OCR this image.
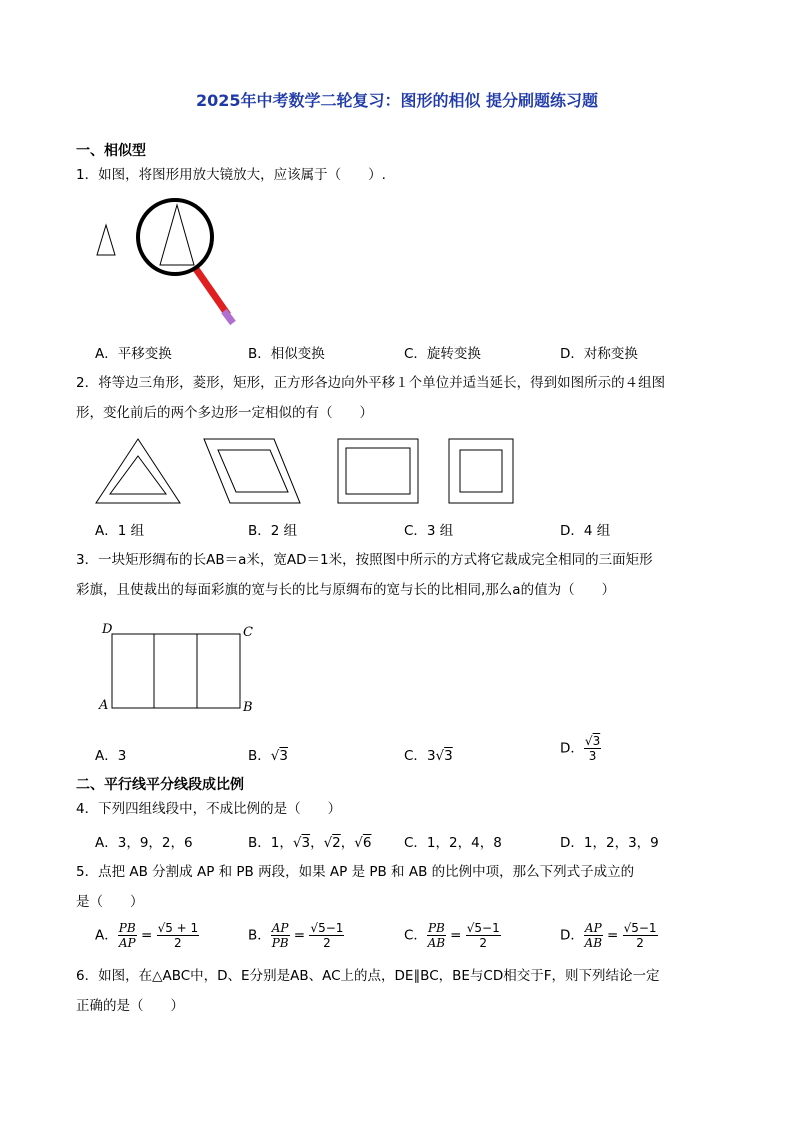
2025年中考数学二轮复习：图形的相似 提分刷题练习题
一、相似型
1．如图，将图形用放大镜放大，应该属于（　　）.
A．平移变换	B．相似变换	C．旋转变换	D．对称变换
2．将等边三角形，菱形，矩形，正方形各边向外平移１个单位并适当延长，得到如图所示的４组图
形，变化前后的两个多边形一定相似的有（　　）
A．1 组	B．2 组	C．3 组	D．4 组
3．一块矩形绸布的长AB＝a米，宽AD＝1米，按照图中所示的方式将它裁成完全相同的三面矩形
彩旗，且使裁出的每面彩旗的宽与长的比与原绸布的宽与长的比相同,那么a的值为（　　）
D	C
A	B
A．3	B．√3	C．3√3	D． $\frac{√3}{3}$
二、平行线平分线段成比例
4．下列四组线段中，不成比例的是（　　）
A．3，9，2，6	B．1，√3，√2，√6 C．1，2，4，8	D．1，2，3，9
5．点把 AB 分割成 AP 和 PB 两段，如果 AP 是 PB 和 AB 的比例中项，那么下列式子成立的
是（　　）
A． $\frac{PB}{AP} = \frac{√5 + 1}{2}$	B． $\frac{AP}{PB} = \frac{√5-1}{2}$	C． $\frac{PB}{AB} = \frac{√5-1}{2}$	D． $\frac{AP}{AB} = \frac{√5-1}{2}$
6．如图，在△ABC中，D、E分别是AB、AC上的点，DE∥BC，BE与CD相交于F，则下列结论一定
正确的是（　　）
